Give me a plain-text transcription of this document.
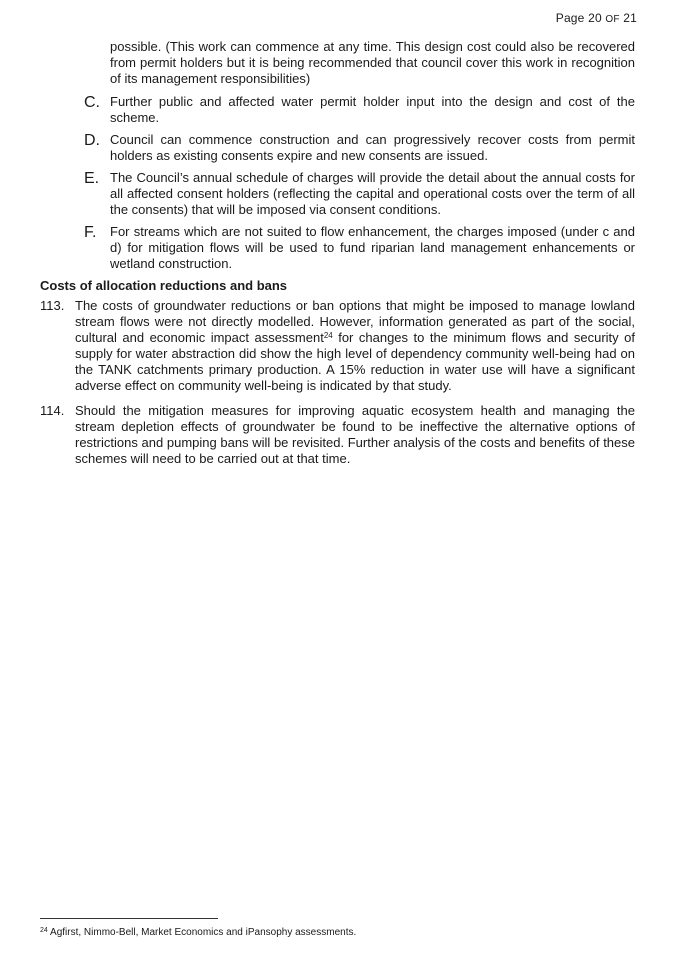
Page 20 OF 21
possible. (This work can commence at any time. This design cost could also be recovered from permit holders but it is being recommended that council cover this work in recognition of its management responsibilities)
C. Further public and affected water permit holder input into the design and cost of the scheme.
D. Council can commence construction and can progressively recover costs from permit holders as existing consents expire and new consents are issued.
E. The Council’s annual schedule of charges will provide the detail about the annual costs for all affected consent holders (reflecting the capital and operational costs over the term of all the consents) that will be imposed via consent conditions.
F.	For streams which are not suited to flow enhancement, the charges imposed (under c and d) for mitigation flows will be used to fund riparian land management enhancements or wetland construction.
Costs of allocation reductions and bans
113. The costs of groundwater reductions or ban options that might be imposed to manage lowland stream flows were not directly modelled. However, information generated as part of the social, cultural and economic impact assessment$^{24}$ for changes to the minimum flows and security of supply for water abstraction did show the high level of dependency community well-being had on the TANK catchments primary production. A 15% reduction in water use will have a significant adverse effect on community well-being is indicated by that study.
114. Should the mitigation measures for improving aquatic ecosystem health and managing the stream depletion effects of groundwater be found to be ineffective the alternative options of restrictions and pumping bans will be revisited. Further analysis of the costs and benefits of these schemes will need to be carried out at that time.
$^{24}$ Agfirst, Nimmo-Bell, Market Economics and iPansophy assessments.
